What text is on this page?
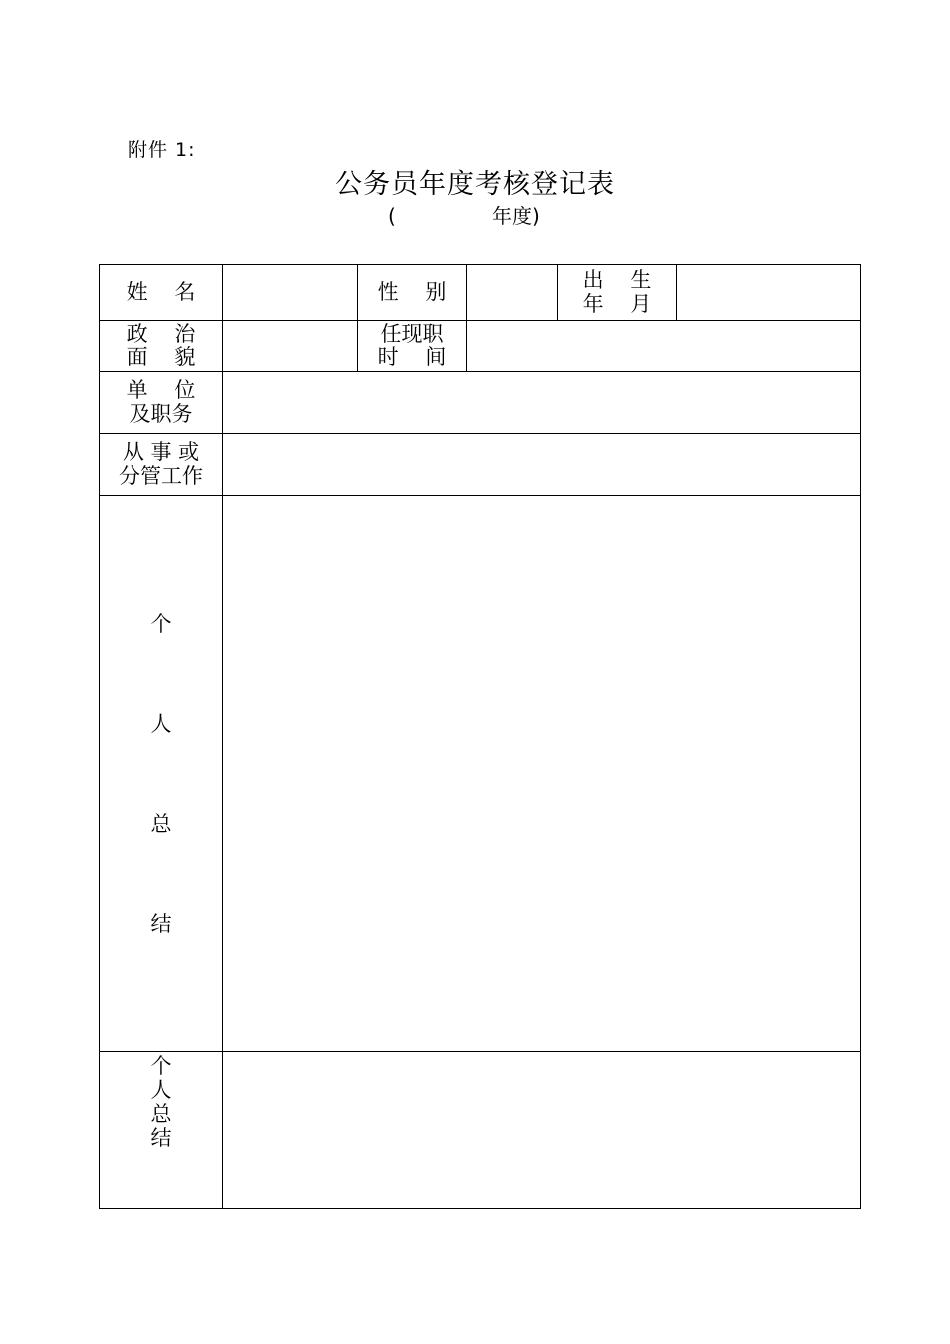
附件 1:
公务员年度考核登记表
(	年度)
姓    名		性    别		出    生
年    月	

政    治
面    貌		任现职
时    间			

单    位
及职务					

从 事 或
分管工作					

个
人
总
结					

个
人
总
结					
